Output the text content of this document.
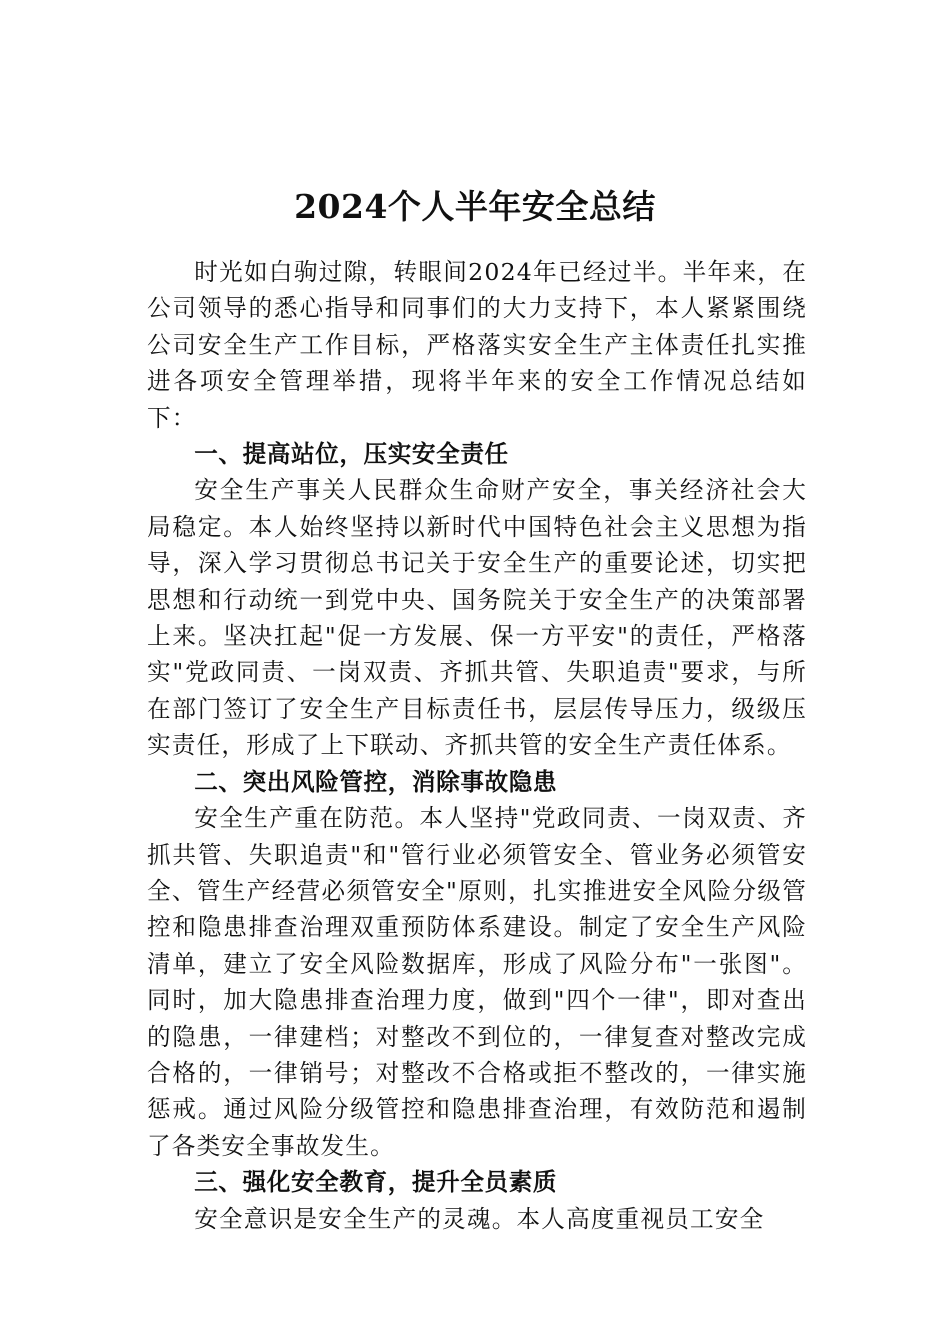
2024个人半年安全总结

时光如白驹过隙，转眼间2024年已经过半。半年来，在公司领导的悉心指导和同事们的大力支持下，本人紧紧围绕公司安全生产工作目标，严格落实安全生产主体责任扎实推进各项安全管理举措，现将半年来的安全工作情况总结如下：

一、提高站位，压实安全责任

安全生产事关人民群众生命财产安全，事关经济社会大局稳定。本人始终坚持以新时代中国特色社会主义思想为指导，深入学习贯彻总书记关于安全生产的重要论述，切实把思想和行动统一到党中央、国务院关于安全生产的决策部署上来。坚决扛起"促一方发展、保一方平安"的责任，严格落实"党政同责、一岗双责、齐抓共管、失职追责"要求，与所在部门签订了安全生产目标责任书，层层传导压力，级级压实责任，形成了上下联动、齐抓共管的安全生产责任体系。

二、突出风险管控，消除事故隐患

安全生产重在防范。本人坚持"党政同责、一岗双责、齐抓共管、失职追责"和"管行业必须管安全、管业务必须管安全、管生产经营必须管安全"原则，扎实推进安全风险分级管控和隐患排查治理双重预防体系建设。制定了安全生产风险清单，建立了安全风险数据库，形成了风险分布"一张图"。同时，加大隐患排查治理力度，做到"四个一律"，即对查出的隐患，一律建档；对整改不到位的，一律复查对整改完成合格的，一律销号；对整改不合格或拒不整改的，一律实施惩戒。通过风险分级管控和隐患排查治理，有效防范和遏制了各类安全事故发生。

三、强化安全教育，提升全员素质

安全意识是安全生产的灵魂。本人高度重视员工安全
